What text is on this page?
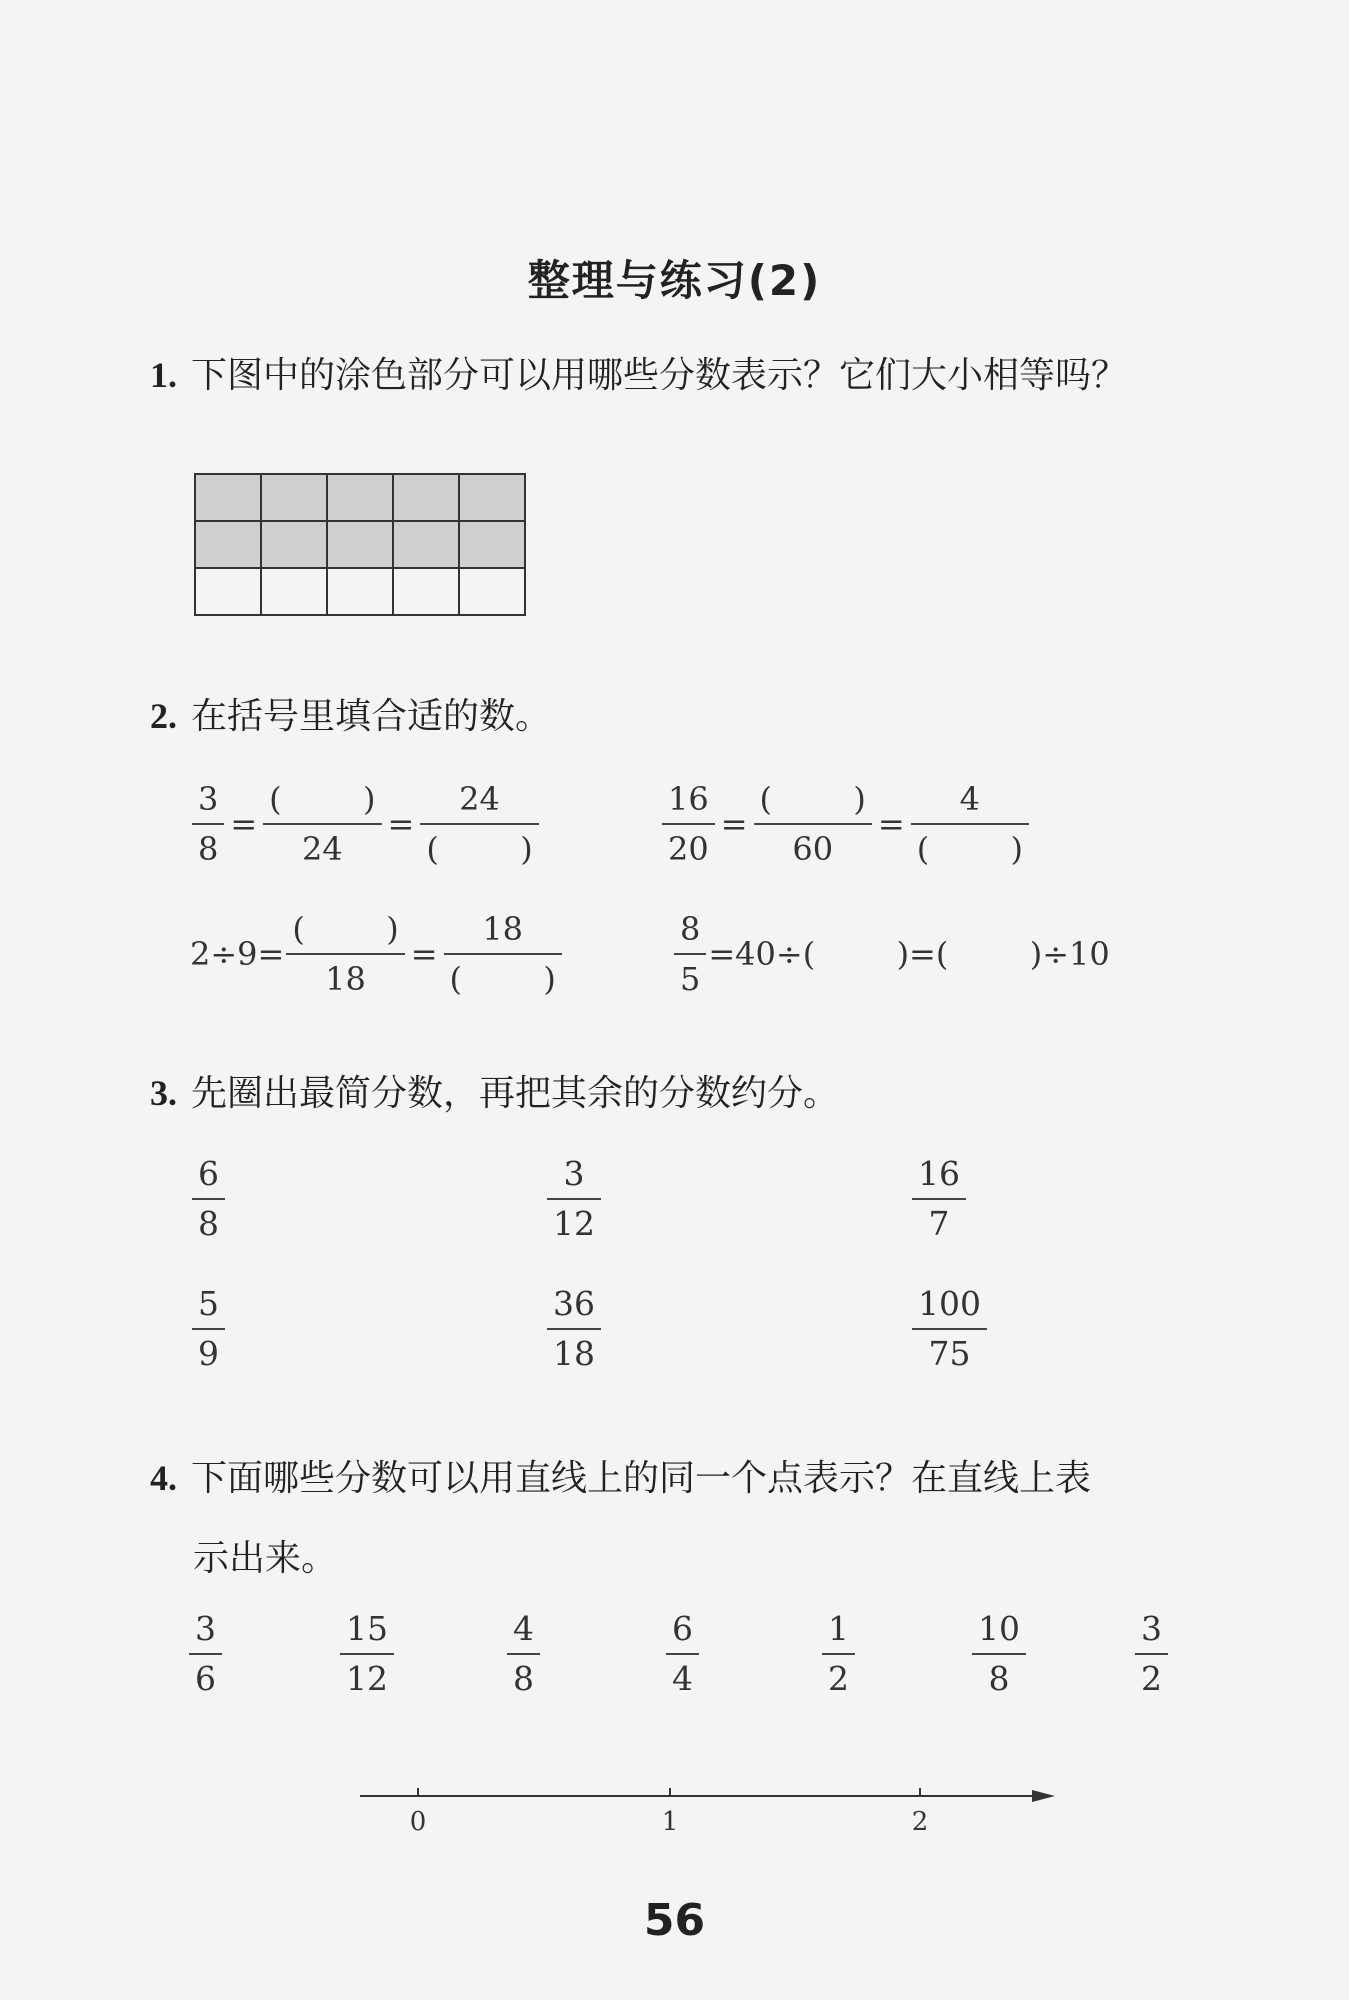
整理与练习(2)
1. 下图中的涂色部分可以用哪些分数表示？它们大小相等吗？

2. 在括号里填合适的数。
$\frac{3}{8} = \frac{( )}{24} = \frac{24}{( )}$	$\frac{16}{20} = \frac{( )}{60} = \frac{4}{( )}$
$2\div 9= \frac{( )}{18} = \frac{18}{( )}$	$\frac{8}{5} =40\div$(        )=(        )÷10
3. 先圈出最简分数，再把其余的分数约分。
$\frac{6}{8}$	$\frac{3}{12}$	$\frac{16}{7}$
$\frac{5}{9}$	$\frac{36}{18}$	$\frac{100}{75}$
4. 下面哪些分数可以用直线上的同一个点表示？在直线上表
示出来。
$\frac{3}{6}$	$\frac{15}{12}$	$\frac{4}{8}$	$\frac{6}{4}$	$\frac{1}{2}$	$\frac{10}{8}$	$\frac{3}{2}$
0	1	2
56
